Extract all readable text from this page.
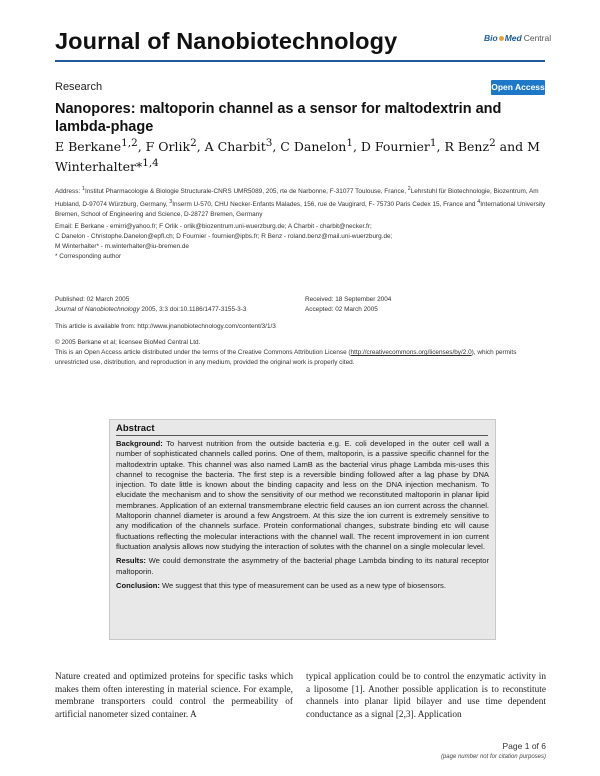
Journal of Nanobiotechnology	Bio Med Central
Research	Open Access
Nanopores: maltoporin channel as a sensor for maltodextrin and lambda-phage
E Berkane$^{1,2}$, F Orlik$^2$, A Charbit$^3$, C Danelon$^1$, D Fournier$^1$, R Benz$^2$ and M Winterhalter*$^{1,4}$
Address: $^1$Institut Pharmacologie & Biologie Structurale-CNRS UMR5089, 205, rte de Narbonne, F-31077 Toulouse, France, $^2$Lehrstuhl für Biotechnologie, Biozentrum, Am Hubland, D-97074 Würzburg, Germany, $^3$Inserm U-570, CHU Necker-Enfants Malades, 156, rue de Vaugirard, F- 75730 Paris Cedex 15, France and $^4$International University Bremen, School of Engineering and Science, D-28727 Bremen, Germany
Email: E Berkane - emirri@yahoo.fr; F Orlik - orlik@biozentrum.uni-wuerzburg.de; A Charbit - charbit@necker.fr;
C Danelon - Christophe.Danelon@epfl.ch; D Fournier - fournier@ipbs.fr; R Benz - roland.benz@mail.uni-wuerzburg.de;
M Winterhalter* - m.winterhalter@iu-bremen.de
* Corresponding author
Published: 02 March 2005
Journal of Nanobiotechnology 2005, 3:3 doi:10.1186/1477-3155-3-3
Received: 18 September 2004
Accepted: 02 March 2005
This article is available from: http://www.jnanobiotechnology.com/content/3/1/3
© 2005 Berkane et al; licensee BioMed Central Ltd.
This is an Open Access article distributed under the terms of the Creative Commons Attribution License (http://creativecommons.org/licenses/by/2.0), which permits unrestricted use, distribution, and reproduction in any medium, provided the original work is properly cited.
Abstract

Background: To harvest nutrition from the outside bacteria e.g. E. coli developed in the outer cell wall a number of sophisticated channels called porins. One of them, maltoporin, is a passive specific channel for the maltodextrin uptake. This channel was also named LamB as the bacterial virus phage Lambda mis-uses this channel to recognise the bacteria. The first step is a reversible binding followed after a lag phase by DNA injection. To date little is known about the binding capacity and less on the DNA injection mechanism. To elucidate the mechanism and to show the sensitivity of our method we reconstituted maltoporin in planar lipid membranes. Application of an external transmembrane electric field causes an ion current across the channel. Maltoporin channel diameter is around a few Angstroem. At this size the ion current is extremely sensitive to any modification of the channels surface. Protein conformational changes, substrate binding etc will cause fluctuations reflecting the molecular interactions with the channel wall. The recent improvement in ion current fluctuation analysis allows now studying the interaction of solutes with the channel on a single molecular level.

Results: We could demonstrate the asymmetry of the bacterial phage Lambda binding to its natural receptor maltoporin.

Conclusion: We suggest that this type of measurement can be used as a new type of biosensors.

Nature created and optimized proteins for specific tasks which makes them often interesting in material science. For example, membrane transporters could control the permeability of artificial nanometer sized container. A
typical application could be to control the enzymatic activity in a liposome [1]. Another possible application is to reconstitute channels into planar lipid bilayer and use time dependent conductance as a signal [2,3]. Application
Page 1 of 6
(page number not for citation purposes)
